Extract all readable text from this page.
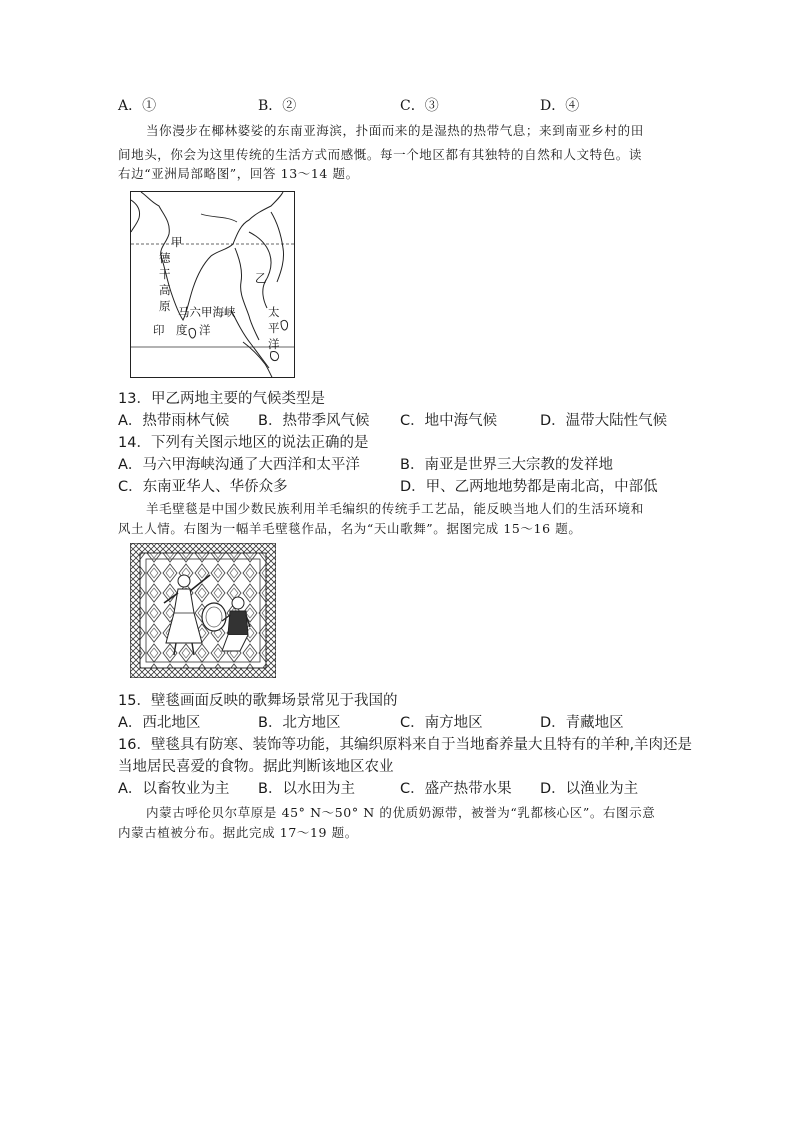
A．①	B．②	C．③	D．④
当你漫步在椰林婆娑的东南亚海滨，扑面而来的是湿热的热带气息；来到南亚乡村的田
间地头，你会为这里传统的生活方式而感慨。每一个地区都有其独特的自然和人文特色。读
右边“亚洲局部略图”，回答 13～14 题。
甲
德
干
高
原
乙
马六甲海峡
印　度　洋
太
平
洋
13．甲乙两地主要的气候类型是
A．热带雨林气候 B．热带季风气候 C．地中海气候	D．温带大陆性气候
14．下列有关图示地区的说法正确的是
A．马六甲海峡沟通了大西洋和太平洋	B．南亚是世界三大宗教的发祥地
C．东南亚华人、华侨众多	D．甲、乙两地地势都是南北高，中部低
羊毛壁毯是中国少数民族利用羊毛编织的传统手工艺品，能反映当地人们的生活环境和
风土人情。右图为一幅羊毛壁毯作品，名为“天山歌舞”。据图完成 15～16 题。
15．壁毯画面反映的歌舞场景常见于我国的
A．西北地区	B．北方地区	C．南方地区	D．青藏地区
16．壁毯具有防寒、装饰等功能，其编织原料来自于当地畜养量大且特有的羊种,羊肉还是
当地居民喜爱的食物。据此判断该地区农业
A．以畜牧业为主 B．以水田为主	C．盛产热带水果 D．以渔业为主
内蒙古呼伦贝尔草原是 45° N～50° N 的优质奶源带，被誉为“乳都核心区”。右图示意
内蒙古植被分布。据此完成 17～19 题。
